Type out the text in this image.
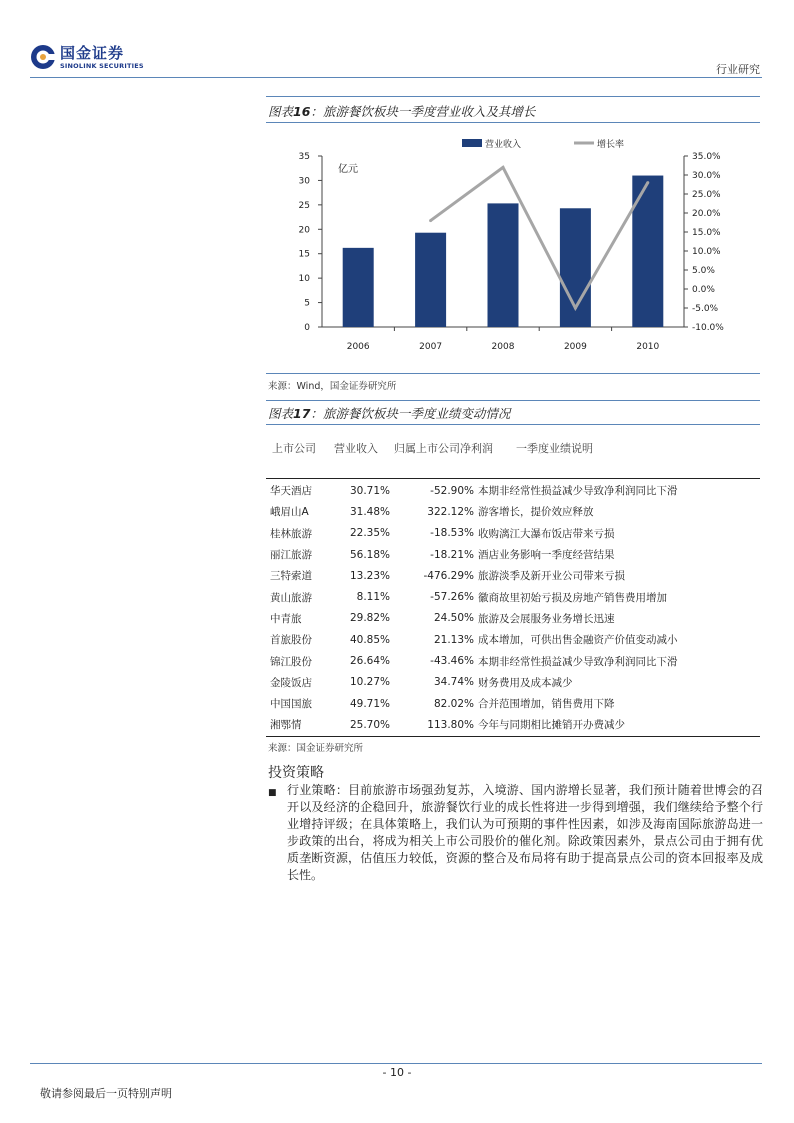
国金证券
SINOLINK SECURITIES	行业研究
图表16：旅游餐饮板块一季度营业收入及其增长
0
5
10
15
20
25
30
35
-10.0%
-5.0%
0.0%
5.0%
10.0%
15.0%
20.0%
25.0%
30.0%
35.0%
亿元
2006	2007	2008	2009	2010
营业收入	增长率
来源：Wind，国金证券研究所
图表17：旅游餐饮板块一季度业绩变动情况
上市公司 营业收入 归属上市公司净利润 一季度业绩说明
华天酒店	30.71%	-52.90%	本期非经常性损益减少导致净利润同比下滑
峨眉山A	31.48%	322.12%	游客增长，提价效应释放
桂林旅游	22.35%	-18.53%	收购漓江大瀑布饭店带来亏损
丽江旅游	56.18%	-18.21%	酒店业务影响一季度经营结果
三特索道	13.23%	-476.29%	旅游淡季及新开业公司带来亏损
黄山旅游	8.11%	-57.26%	徽商故里初始亏损及房地产销售费用增加
中青旅	29.82%	24.50%	旅游及会展服务业务增长迅速
首旅股份	40.85%	21.13%	成本增加，可供出售金融资产价值变动减小
锦江股份	26.64%	-43.46%	本期非经常性损益减少导致净利润同比下滑
金陵饭店	10.27%	34.74%	财务费用及成本减少
中国国旅	49.71%	82.02%	合并范围增加，销售费用下降
湘鄂情	25.70%	113.80%	今年与同期相比摊销开办费减少
来源：国金证券研究所
投资策略
■ 行业策略：目前旅游市场强劲复苏，入境游、国内游增长显著，我们预计随着世博会的召开以及经济的企稳回升，旅游餐饮行业的成长性将进一步得到增强，我们继续给予整个行业增持评级；在具体策略上，我们认为可预期的事件性因素，如涉及海南国际旅游岛进一步政策的出台，将成为相关上市公司股价的催化剂。除政策因素外，景点公司由于拥有优质垄断资源，估值压力较低，资源的整合及布局将有助于提高景点公司的资本回报率及成长性。
- 10 -
敬请参阅最后一页特别声明
